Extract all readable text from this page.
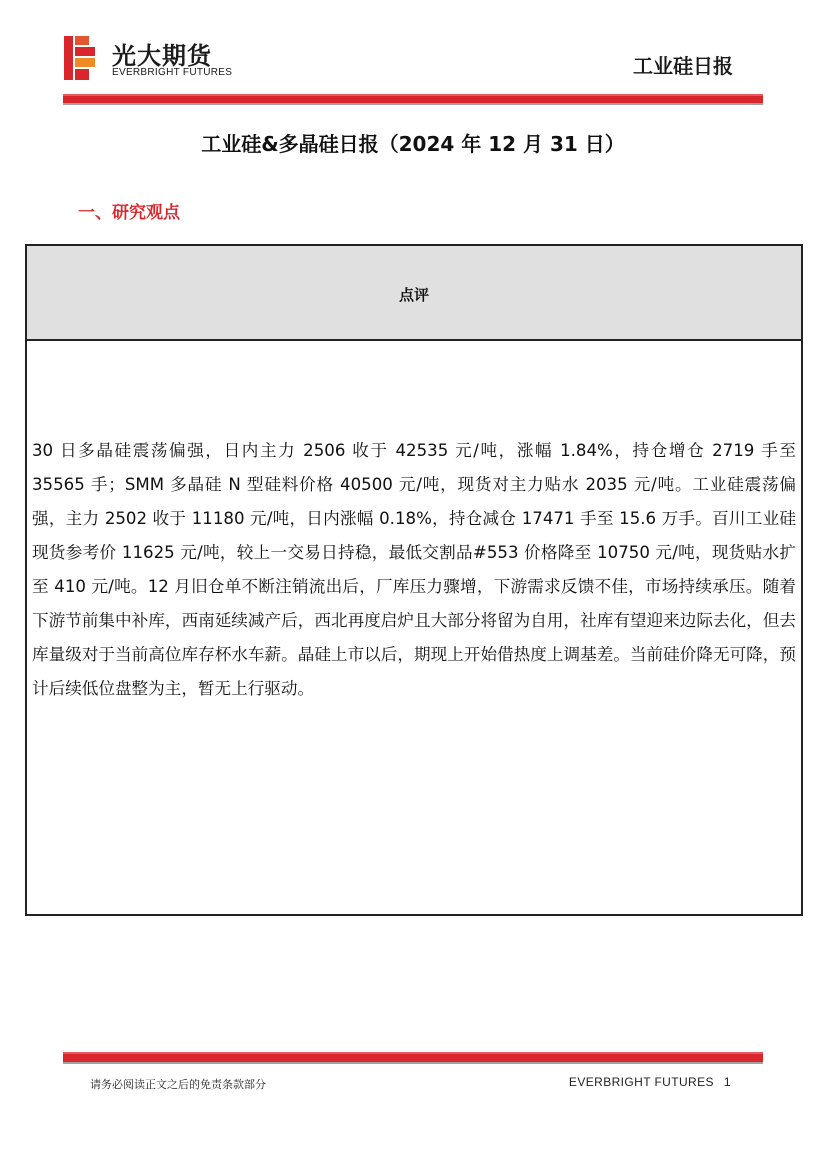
光大期货
EVERBRIGHT FUTURES	工业硅日报
工业硅&多晶硅日报（2024 年 12 月 31 日）
一、研究观点
点评
30 日多晶硅震荡偏强，日内主力 2506 收于 42535 元/吨，涨幅 1.84%，持仓增仓 2719 手至 35565 手；SMM 多晶硅 N 型硅料价格 40500 元/吨，现货对主力贴水 2035 元/吨。工业硅震荡偏强，主力 2502 收于 11180 元/吨，日内涨幅 0.18%，持仓减仓 17471 手至 15.6 万手。百川工业硅现货参考价 11625 元/吨，较上一交易日持稳，最低交割品#553 价格降至 10750 元/吨，现货贴水扩至 410 元/吨。12 月旧仓单不断注销流出后，厂库压力骤增，下游需求反馈不佳，市场持续承压。随着下游节前集中补库，西南延续减产后，西北再度启炉且大部分将留为自用，社库有望迎来边际去化，但去库量级对于当前高位库存杯水车薪。晶硅上市以后，期现上开始借热度上调基差。当前硅价降无可降，预计后续低位盘整为主，暂无上行驱动。
请务必阅读正文之后的免责条款部分	EVERBRIGHT FUTURES 1
